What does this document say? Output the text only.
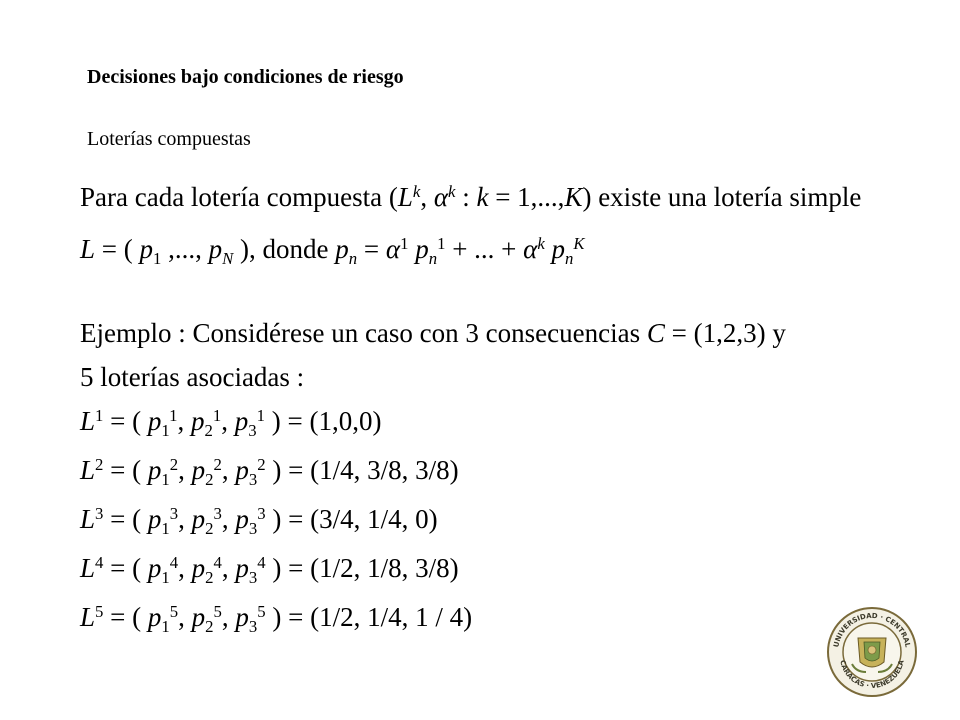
Decisiones bajo condiciones de riesgo
Loterías compuestas
Para cada lotería compuesta ($L^k$, $\alpha^k$ : k = 1,...,K) existe una lotería simple
L = ( $p_1$ ,..., $p_N$ ), donde $p_n = \alpha^1$ $p_n^1$ + ... + $\alpha^k$ $p_n^K$
Ejemplo : Considérese un caso con 3 consecuencias C = (1,2,3) y
5 loterías asociadas :
$L^1$ = ( $p_1^1$, $p_2^1$, $p_3^1$ ) = (1,0,0)
$L^2$ = ( $p_1^2$, $p_2^2$, $p_3^2$ ) = (1/4, 3/8, 3/8)
$L^3$ = ( $p_1^3$, $p_2^3$, $p_3^3$ ) = (3/4, 1/4, 0)
$L^4$ = ( $p_1^4$, $p_2^4$, $p_3^4$ ) = (1/2, 1/8, 3/8)
$L^5$ = ( $p_1^5$, $p_2^5$, $p_3^5$ ) = (1/2, 1/4, 1 / 4)
UNIVERSIDAD · CENTRAL
CARACAS · VENEZUELA
